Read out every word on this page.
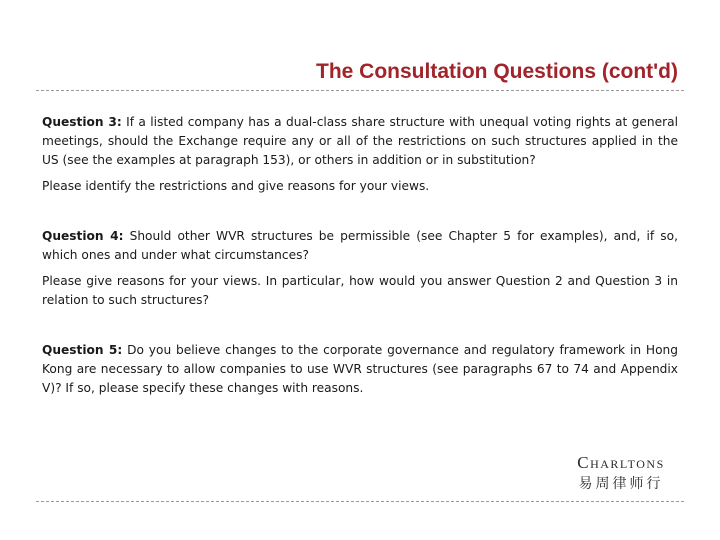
The Consultation Questions (cont'd)

Question 3: If a listed company has a dual-class share structure with unequal voting rights at general meetings, should the Exchange require any or all of the restrictions on such structures applied in the US (see the examples at paragraph 153), or others in addition or in substitution?

Please identify the restrictions and give reasons for your views.

Question 4: Should other WVR structures be permissible (see Chapter 5 for examples), and, if so, which ones and under what circumstances?

Please give reasons for your views. In particular, how would you answer Question 2 and Question 3 in relation to such structures?

Question 5: Do you believe changes to the corporate governance and regulatory framework in Hong Kong are necessary to allow companies to use WVR structures (see paragraphs 67 to 74 and Appendix V)? If so, please specify these changes with reasons.

Charltons
易周律师行
